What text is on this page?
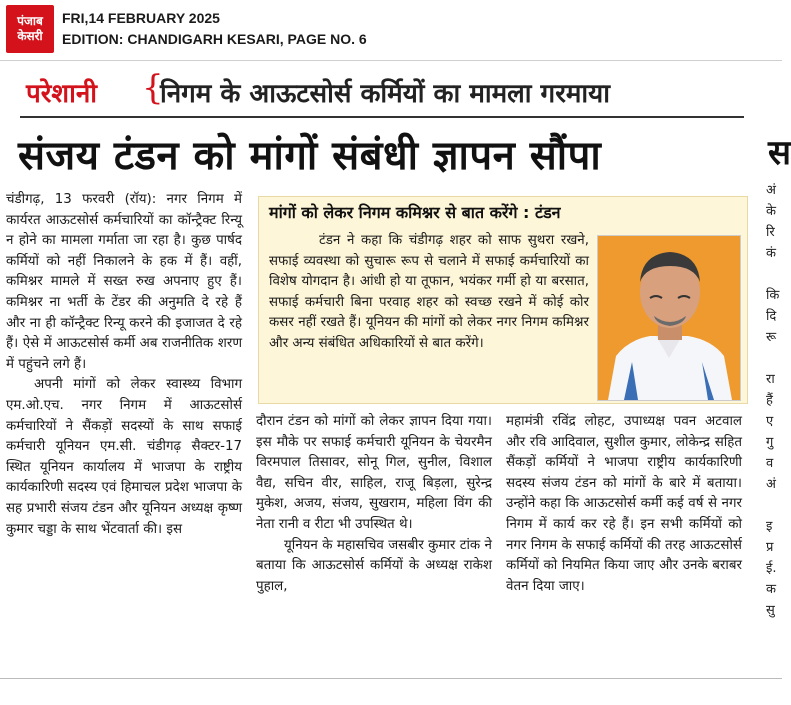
पंजाब
केसरी
FRI,14 FEBRUARY 2025
EDITION: CHANDIGARH KESARI, PAGE NO. 6
परेशानी {
निगम के आऊटसोर्स कर्मियों का मामला गरमाया
संजय टंडन को मांगों संबंधी ज्ञापन सौंपा	स

चंडीगढ़, 13 फरवरी (रॉय): नगर निगम में कार्यरत आऊटसोर्स कर्मचारियों का कॉन्ट्रैक्ट रिन्यू न होने का मामला गर्माता जा रहा है। कुछ पार्षद कर्मियों को नहीं निकालने के हक में हैं। वहीं, कमिश्नर मामले में सख्त रुख अपनाए हुए हैं। कमिश्नर ना भर्ती के टेंडर की अनुमति दे रहे हैं और ना ही कॉन्ट्रैक्ट रिन्यू करने की इजाजत दे रहे हैं। ऐसे में आऊटसोर्स कर्मी अब राजनीतिक शरण में पहुंचने लगे हैं।

अपनी मांगों को लेकर स्वास्थ्य विभाग एम.ओ.एच. नगर निगम में आऊटसोर्स कर्मचारियों ने सैंकड़ों सदस्यों के साथ सफाई कर्मचारी यूनियन एम.सी. चंडीगढ़ सैक्टर-17 स्थित यूनियन कार्यालय में भाजपा के राष्ट्रीय कार्यकारिणी सदस्य एवं हिमाचल प्रदेश भाजपा के सह प्रभारी संजय टंडन और यूनियन अध्यक्ष कृष्ण कुमार चड्डा के साथ भेंटवार्ता की। इस

मांगों को लेकर निगम कमिश्नर से बात करेंगे : टंडन
टंडन ने कहा कि चंडीगढ़ शहर को साफ सुथरा रखने, सफाई व्यवस्था को सुचारू रूप से चलाने में सफाई कर्मचारियों का विशेष योगदान है। आंधी हो या तूफान, भयंकर गर्मी हो या बरसात, सफाई कर्मचारी बिना परवाह शहर को स्वच्छ रखने में कोई कोर कसर नहीं रखते हैं। यूनियन की मांगों को लेकर नगर निगम कमिश्नर और अन्य संबंधित अधिकारियों से बात करेंगे।

दौरान टंडन को मांगों को लेकर ज्ञापन दिया गया। इस मौके पर सफाई कर्मचारी यूनियन के चेयरमैन विरमपाल तिसावर, सोनू गिल, सुनील, विशाल वैद्य, सचिन वीर, साहिल, राजू बिड़ला, सुरेन्द्र मुकेश, अजय, संजय, सुखराम, महिला विंग की नेता रानी व रीटा भी उपस्थित थे।

यूनियन के महासचिव जसबीर कुमार टांक ने बताया कि आऊटसोर्स कर्मियों के अध्यक्ष राकेश पुहाल,

महामंत्री रविंद्र लोहट, उपाध्यक्ष पवन अटवाल और रवि आदिवाल, सुशील कुमार, लोकेन्द्र सहित सैंकड़ों कर्मियों ने भाजपा राष्ट्रीय कार्यकारिणी सदस्य संजय टंडन को मांगों के बारे में बताया। उन्होंने कहा कि आऊटसोर्स कर्मी कई वर्ष से नगर निगम में कार्य कर रहे हैं। इन सभी कर्मियों को नगर निगम के सफाई कर्मियों की तरह आऊटसोर्स कर्मियों को नियमित किया जाए और उनके बराबर वेतन दिया जाए।

अं
के
रि
कं

कि
दि
रू

रा
हैं
ए
गु
व
अं

इ
प्र
ई.
क
सु
